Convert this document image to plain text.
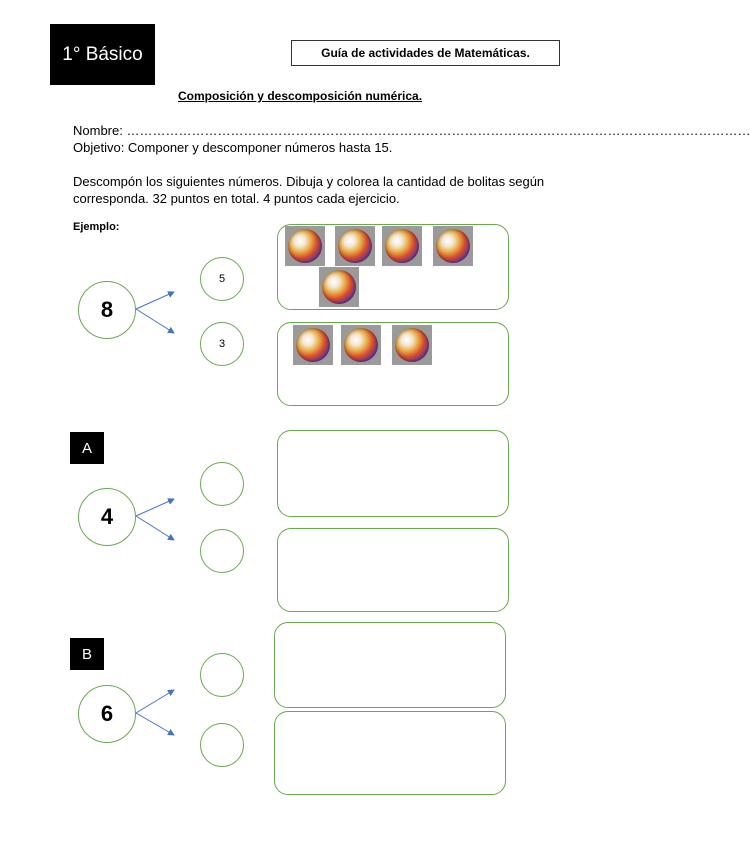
1° Básico	Guía de actividades de Matemáticas.
Composición y descomposición numérica.
Nombre: ………………………………………………………………………………………………………………………………
Objetivo: Componer y descomponer números hasta 15.
Descompón los siguientes números. Dibuja y colorea la cantidad de bolitas según
corresponda. 32 puntos en total. 4 puntos cada ejercicio.
Ejemplo:
8
5
3
A
4
B
6
